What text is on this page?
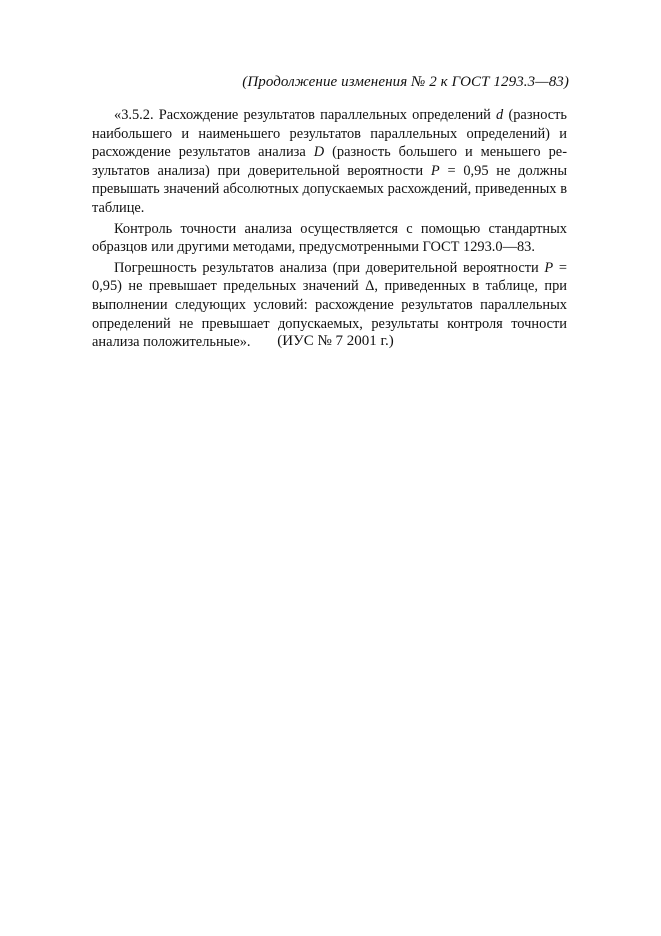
(Продолжение изменения № 2 к ГОСТ 1293.3—83)

«3.5.2. Расхождение результатов параллельных определений d (разность наибольшего и наименьшего результатов параллельных определений) и расхождение результатов анализа D (разность большего и меньшего результатов анализа) при доверительной вероятности Р = 0,95 не должны превышать значений абсолютных допускаемых расхождений, приведенных в таблице.

Контроль точности анализа осуществляется с помощью стандартных образцов или другими методами, предусмотренными ГОСТ 1293.0—83.

Погрешность результатов анализа (при доверительной вероятности Р = 0,95) не превышает предельных значений Δ, приведенных в таблице, при выполнении следующих условий: расхождение результатов параллельных определений не превышает допускаемых, результаты контроля точности анализа положительные».	(ИУС № 7 2001 г.)
